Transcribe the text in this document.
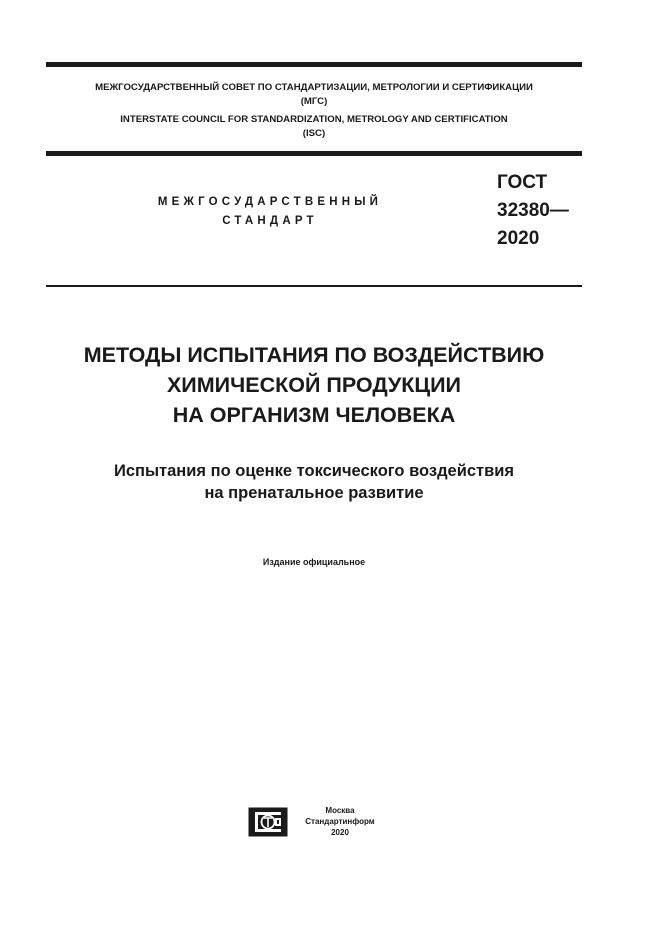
МЕЖГОСУДАРСТВЕННЫЙ СОВЕТ ПО СТАНДАРТИЗАЦИИ, МЕТРОЛОГИИ И СЕРТИФИКАЦИИ
(МГС)
INTERSTATE COUNCIL FOR STANDARDIZATION, METROLOGY AND CERTIFICATION
(ISC)
МЕЖГОСУДАРСТВЕННЫЙ
СТАНДАРТ
ГОСТ
32380—
2020
МЕТОДЫ ИСПЫТАНИЯ ПО ВОЗДЕЙСТВИЮ
ХИМИЧЕСКОЙ ПРОДУКЦИИ
НА ОРГАНИЗМ ЧЕЛОВЕКА
Испытания по оценке токсического воздействия
на пренатальное развитие
Издание официальное
Москва
Стандартинформ
2020
